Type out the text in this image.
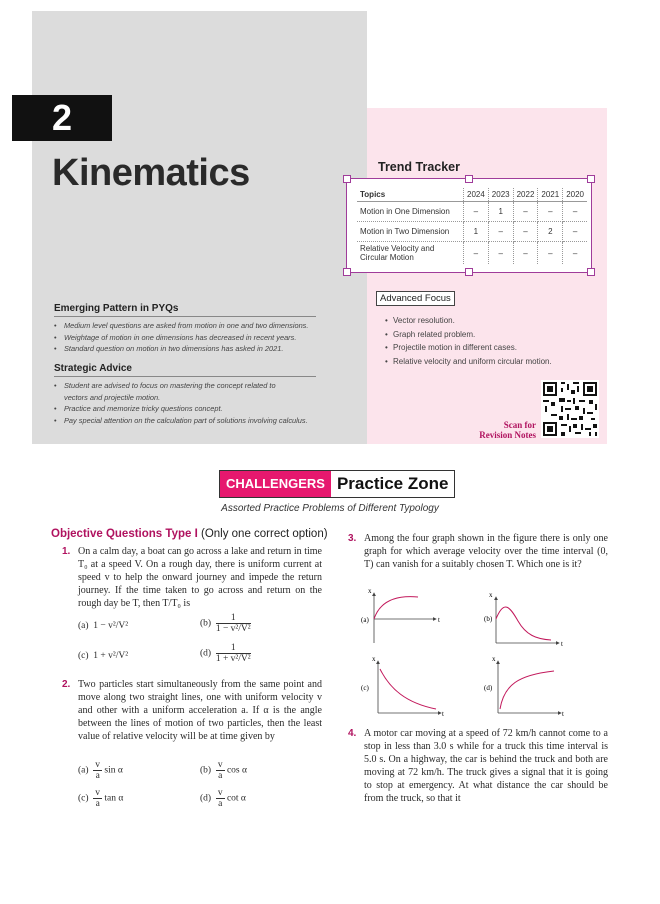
2
Kinematics	Trend Tracker
Topics	2024	2023	2022	2021	2020
Motion in One Dimension	–	1	–	–	–
Motion in Two Dimension	1	–	–	2	–
Relative Velocity and Circular Motion	–	–	–	–	–
Emerging Pattern in PYQs
• Medium level questions are asked from motion in one and two dimensions.
• Weightage of motion in one dimensions has decreased in recent years.
• Standard question on motion in two dimensions has asked in 2021.
Strategic Advice
• Student are advised to focus on mastering the concept related to vectors and projectile motion.
• Practice and memorize tricky questions concept.
• Pay special attention on the calculation part of solutions involving calculus.
Advanced Focus
• Vector resolution.
• Graph related problem.
• Projectile motion in different cases.
• Relative velocity and uniform circular motion.
Scan for
Revision Notes
CHALLENGERS Practice Zone
Assorted Practice Problems of Different Typology
Objective Questions Type I (Only one correct option)
1. On a calm day, a boat can go across a lake and return in time T₀ at a speed V. On a rough day, there is uniform current at speed v to help the onward journey and impede the return journey. If the time taken to go across and return on the rough day be T, then T/T₀ is
(a) 1 − v²/V²	$(b) \frac{1}{\text{1 − v²/V²}}$
(c) 1 + v²/V²	$(d) \frac{1}{\text{1 + v²/V²}}$
2. Two particles start simultaneously from the same point and move along two straight lines, one with uniform velocity v and other with a uniform acceleration a. If α is the angle between the lines of motion of two particles, then the least value of relative velocity will be at time given by
$(a) \frac{v}{a}$ sin α	$(b) \frac{v}{a}$ cos α
$(c) \frac{v}{a}$ tan α	$(d) \frac{v}{a}$ cot α
3. Among the four graph shown in the figure there is only one graph for which average velocity over the time interval (0, T) can vanish for a suitably chosen T. Which one is it?
x
t
(a)
x
t
(b)
x
t
(c)
x
t
(d)
4. A motor car moving at a speed of 72 km/h cannot come to a stop in less than 3.0 s while for a truck this time interval is 5.0 s. On a highway, the car is behind the truck and both are moving at 72 km/h. The truck gives a signal that it is going to stop at emergency. At what distance the car should be from the truck, so that it
